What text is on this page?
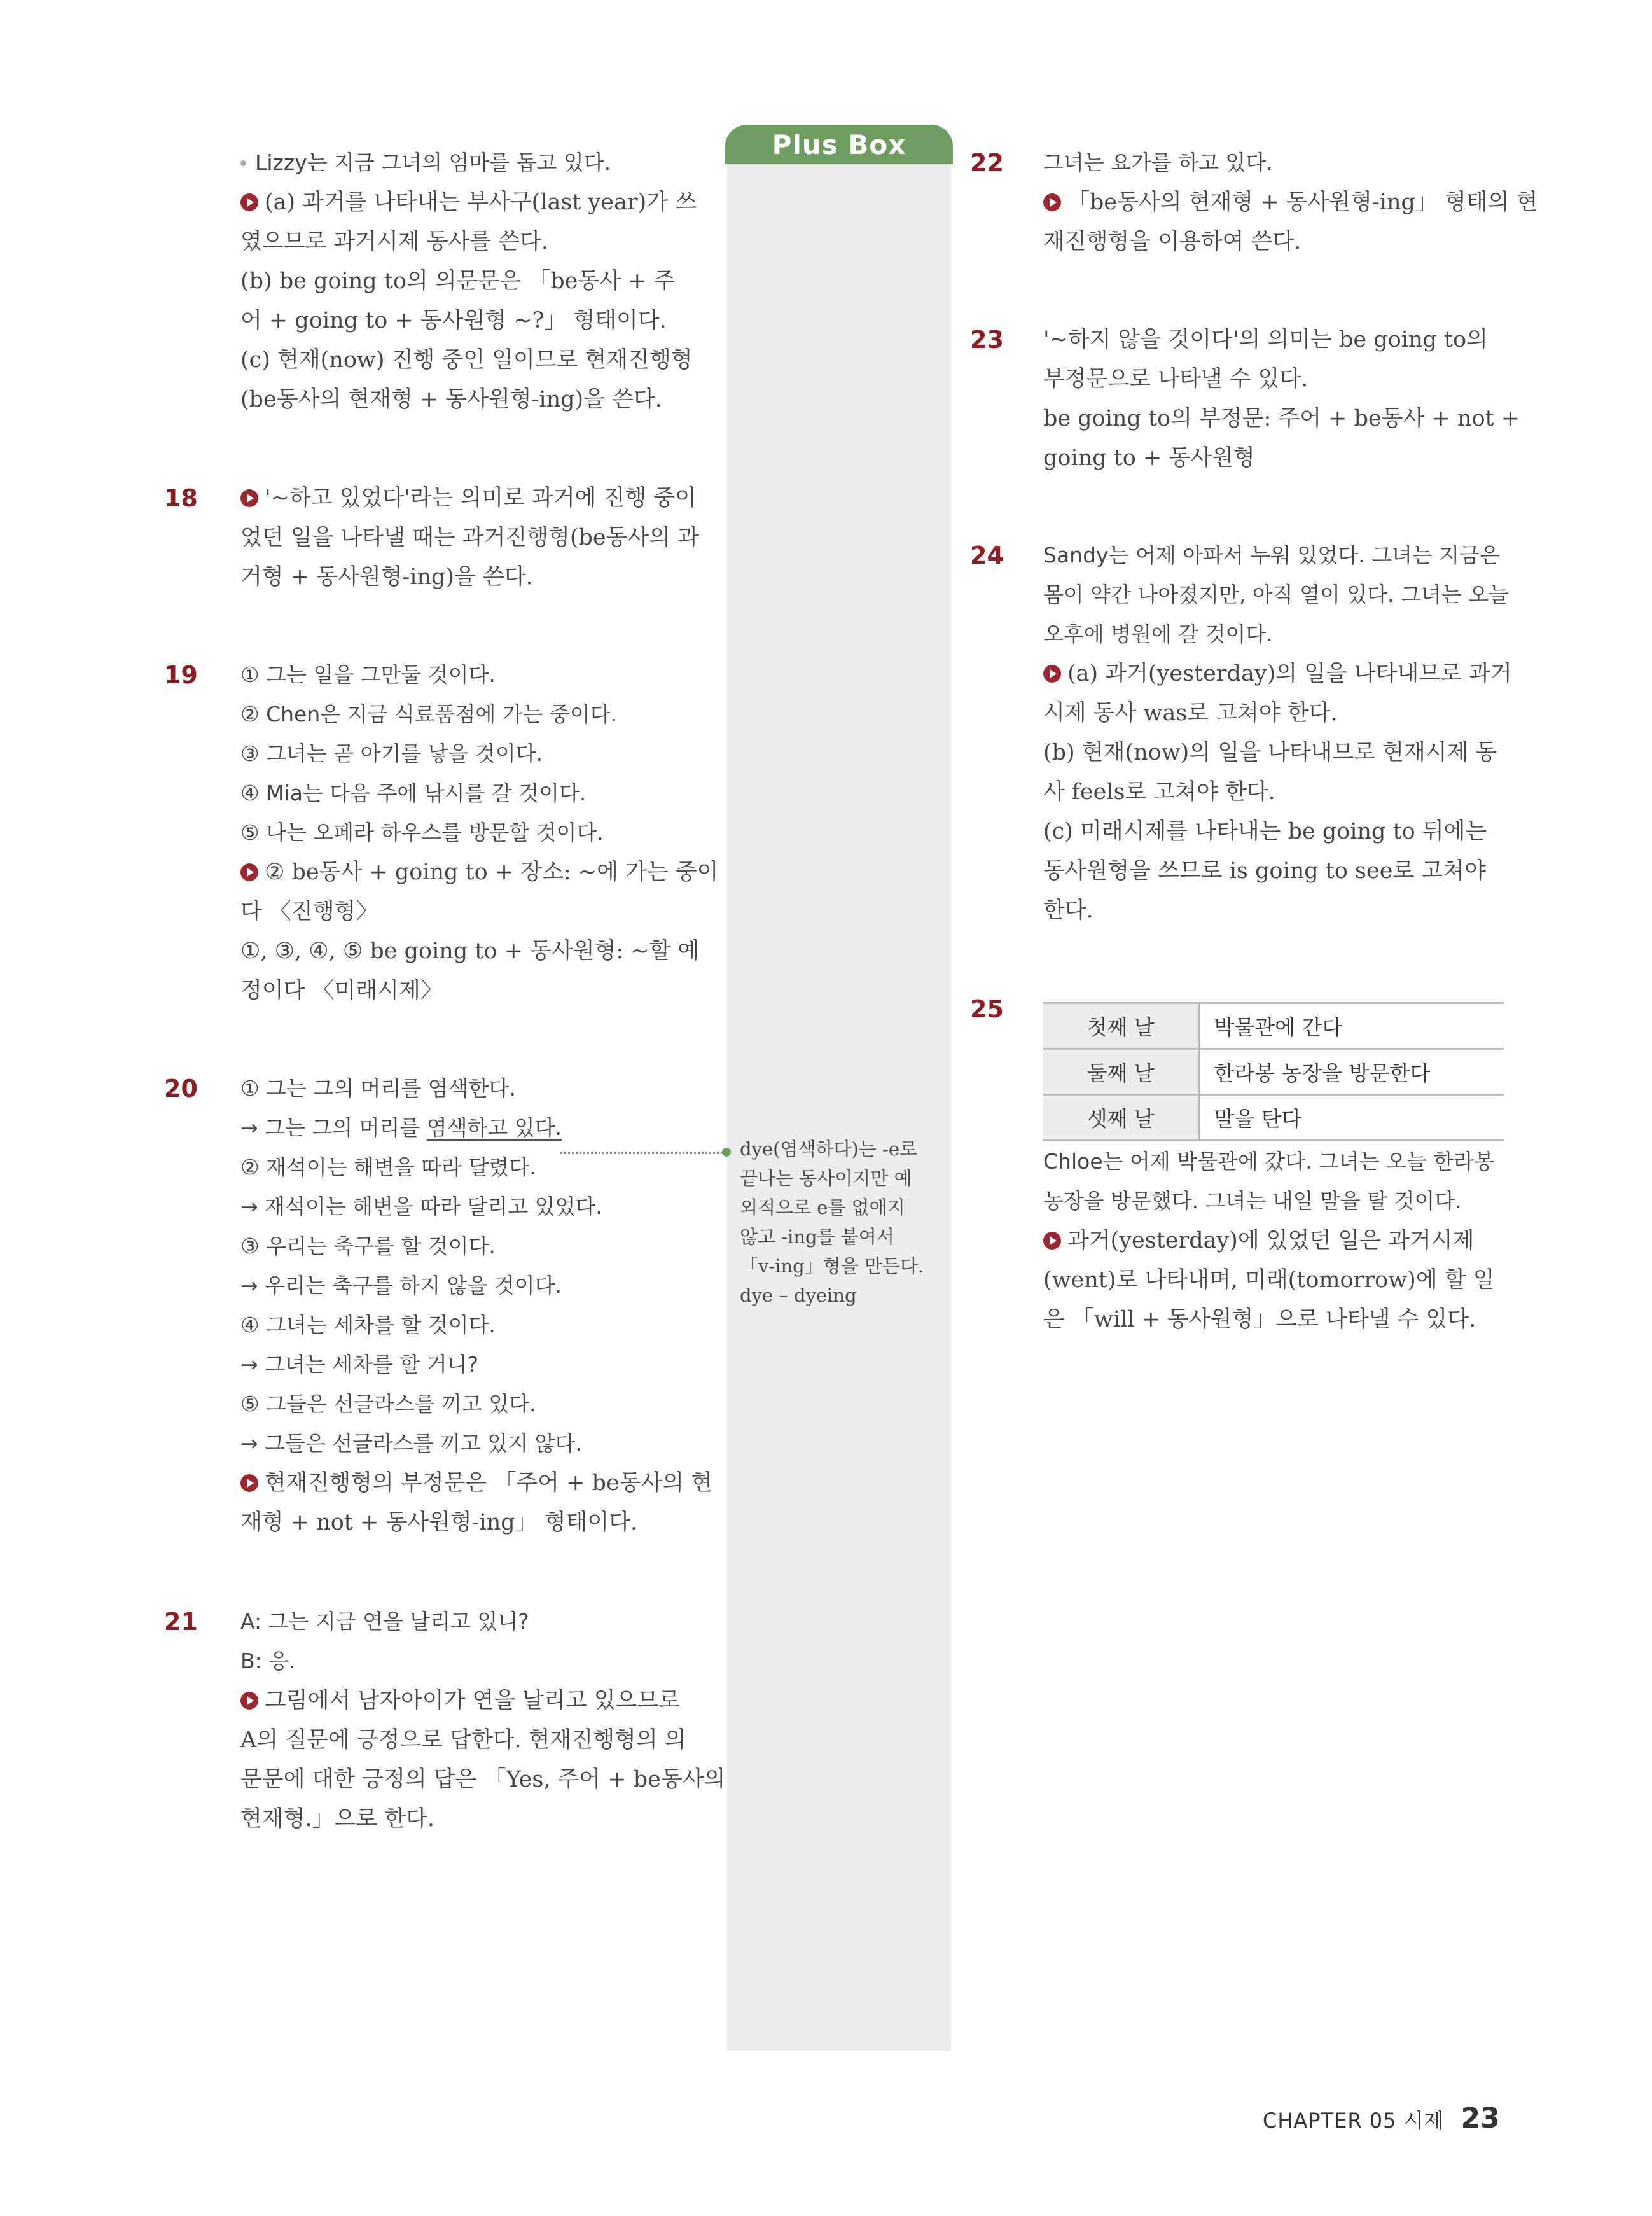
Plus Box
Lizzy는 지금 그녀의 엄마를 돕고 있다.
(a) 과거를 나타내는 부사구(last year)가 쓰
였으므로 과거시제 동사를 쓴다.
(b) be going to의 의문문은 「be동사 + 주
어 + going to + 동사원형 ~?」 형태이다.
(c) 현재(now) 진행 중인 일이므로 현재진행형
(be동사의 현재형 + 동사원형-ing)을 쓴다.
18	'~하고 있었다'라는 의미로 과거에 진행 중이
었던 일을 나타낼 때는 과거진행형(be동사의 과
거형 + 동사원형-ing)을 쓴다.
19 ① 그는 일을 그만둘 것이다.
② Chen은 지금 식료품점에 가는 중이다.
③ 그녀는 곧 아기를 낳을 것이다.
④ Mia는 다음 주에 낚시를 갈 것이다.
⑤ 나는 오페라 하우스를 방문할 것이다.
② be동사 + going to + 장소: ~에 가는 중이
다 〈진행형〉
①, ③, ④, ⑤ be going to + 동사원형: ~할 예
정이다 〈미래시제〉
20 ① 그는 그의 머리를 염색한다.
→ 그는 그의 머리를 염색하고 있다.
② 재석이는 해변을 따라 달렸다.
→ 재석이는 해변을 따라 달리고 있었다.
③ 우리는 축구를 할 것이다.
→ 우리는 축구를 하지 않을 것이다.
④ 그녀는 세차를 할 것이다.
→ 그녀는 세차를 할 거니?
⑤ 그들은 선글라스를 끼고 있다.
→ 그들은 선글라스를 끼고 있지 않다.
현재진행형의 부정문은 「주어 + be동사의 현
재형 + not + 동사원형-ing」 형태이다.
21 A: 그는 지금 연을 날리고 있니?
B: 응.
그림에서 남자아이가 연을 날리고 있으므로
A의 질문에 긍정으로 답한다. 현재진행형의 의
문문에 대한 긍정의 답은 「Yes, 주어 + be동사의
현재형.」으로 한다.
dye(염색하다)는 -e로
끝나는 동사이지만 예
외적으로 e를 없애지
않고 -ing를 붙여서
「v-ing」형을 만든다.
dye – dyeing
22 그녀는 요가를 하고 있다.
「be동사의 현재형 + 동사원형-ing」 형태의 현
재진행형을 이용하여 쓴다.
23 '~하지 않을 것이다'의 의미는 be going to의
부정문으로 나타낼 수 있다.
be going to의 부정문: 주어 + be동사 + not +
going to + 동사원형
24 Sandy는 어제 아파서 누워 있었다. 그녀는 지금은
몸이 약간 나아졌지만, 아직 열이 있다. 그녀는 오늘
오후에 병원에 갈 것이다.
(a) 과거(yesterday)의 일을 나타내므로 과거
시제 동사 was로 고쳐야 한다.
(b) 현재(now)의 일을 나타내므로 현재시제 동
사 feels로 고쳐야 한다.
(c) 미래시제를 나타내는 be going to 뒤에는
동사원형을 쓰므로 is going to see로 고쳐야
한다.
25
Chloe는 어제 박물관에 갔다. 그녀는 오늘 한라봉
농장을 방문했다. 그녀는 내일 말을 탈 것이다.
과거(yesterday)에 있었던 일은 과거시제
(went)로 나타내며, 미래(tomorrow)에 할 일
은 「will + 동사원형」으로 나타낼 수 있다.
첫째 날	박물관에 간다
둘째 날	한라봉 농장을 방문한다
셋째 날	말을 탄다
CHAPTER 05 시제 23
